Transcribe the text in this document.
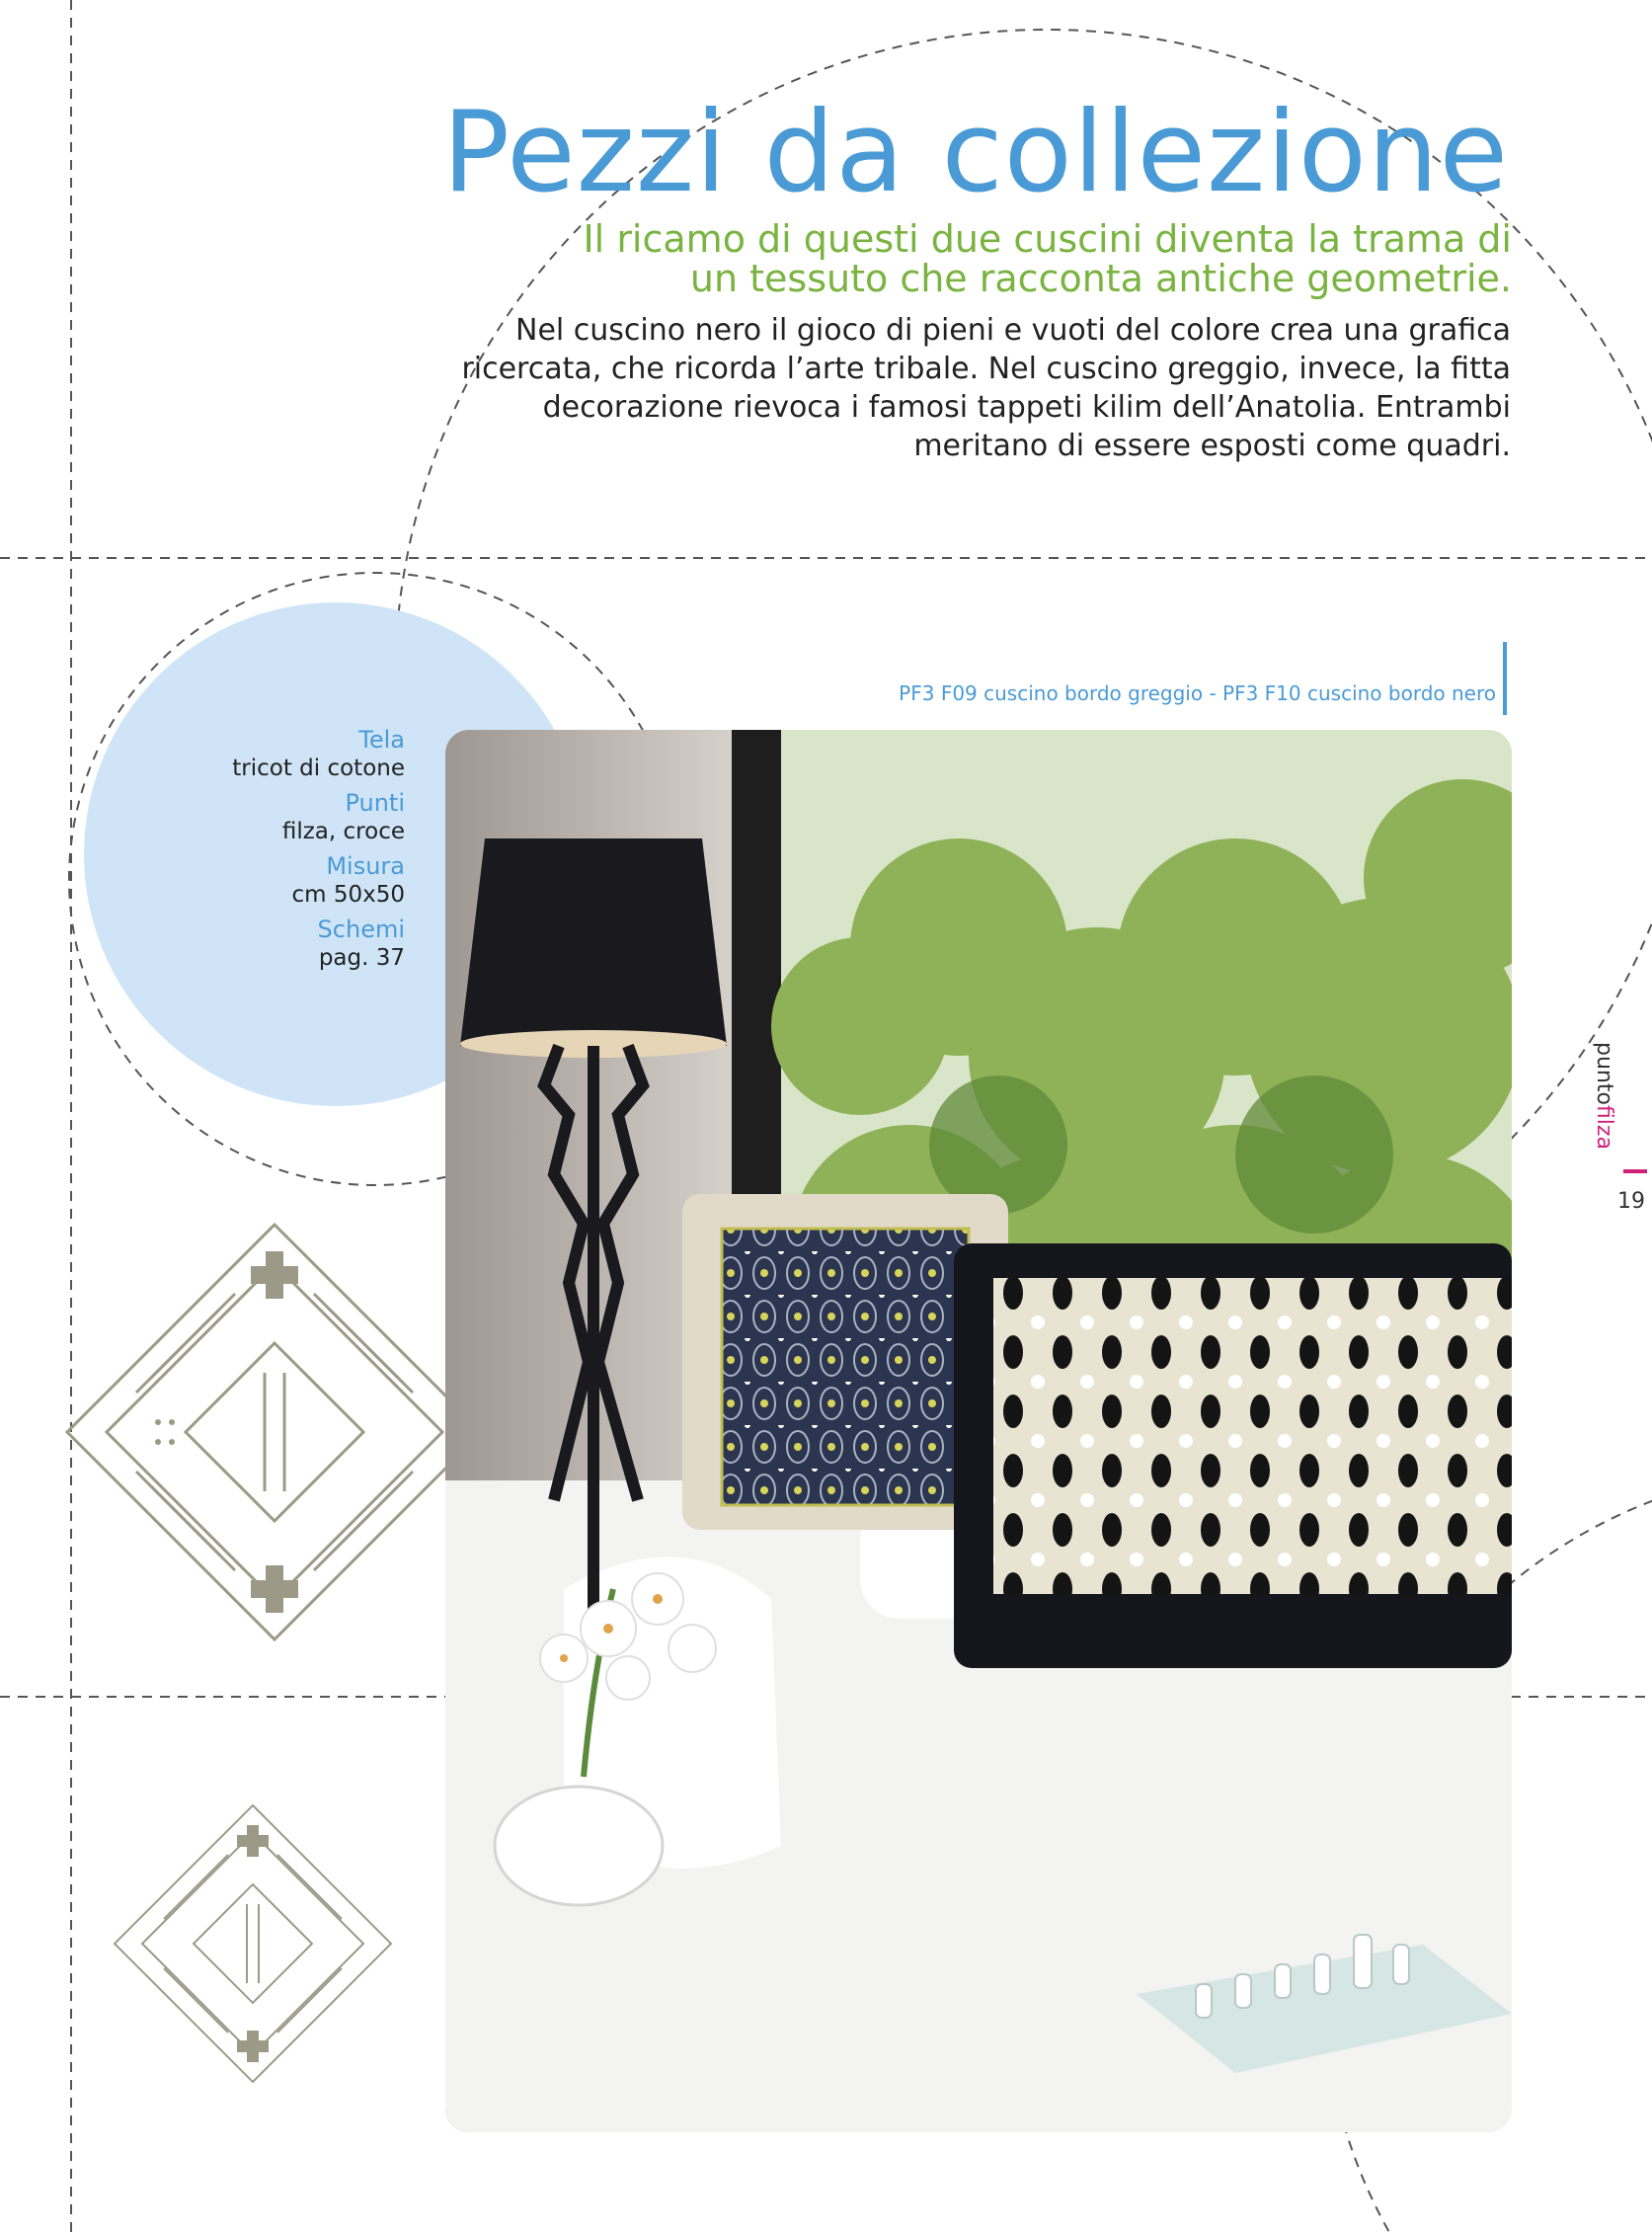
Pezzi da collezione
Il ricamo di questi due cuscini diventa la trama di un tessuto che racconta antiche geometrie.
Nel cuscino nero il gioco di pieni e vuoti del colore crea una grafica ricercata, che ricorda l’arte tribale. Nel cuscino greggio, invece, la fitta decorazione rievoca i famosi tappeti kilim dell’Anatolia. Entrambi meritano di essere esposti come quadri.
PF3 F09 cuscino bordo greggio - PF3 F10 cuscino bordo nero
Tela
tricot di cotone
Punti
filza, croce
Misura
cm 50x50
Schemi
pag. 37
puntofilza
19
